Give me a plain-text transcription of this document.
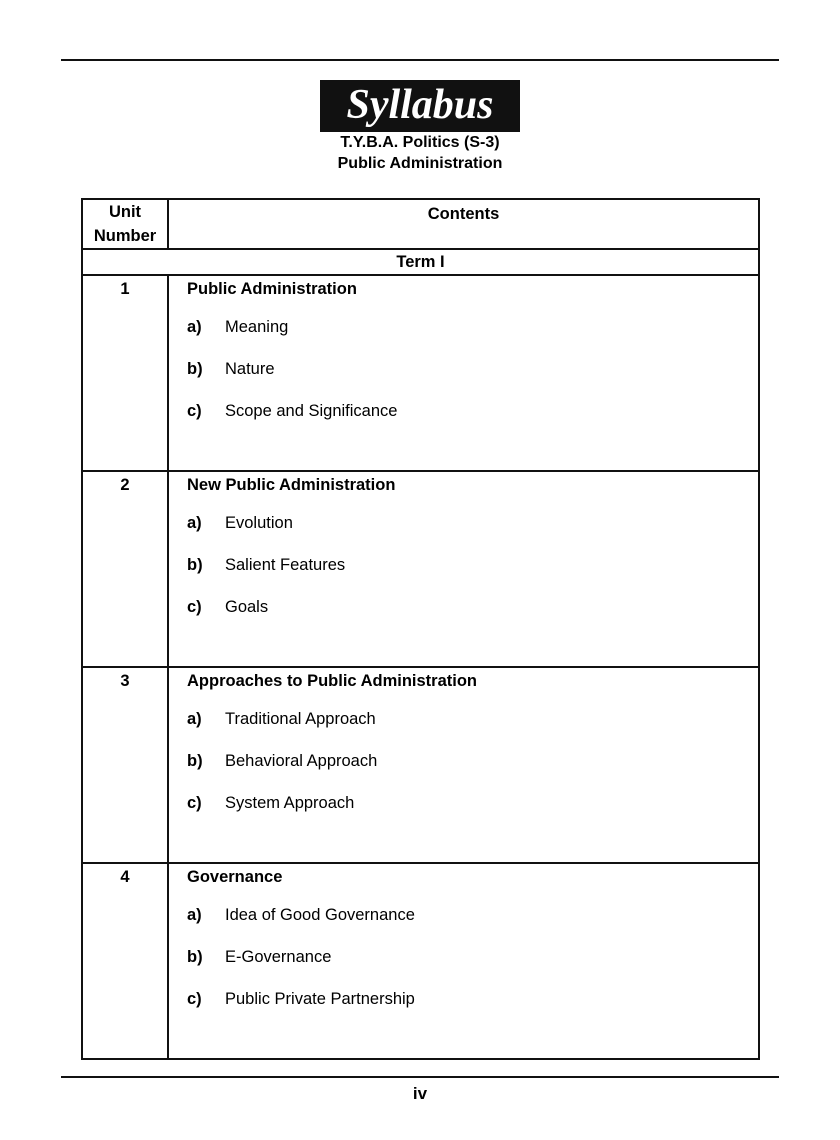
Syllabus
T.Y.B.A. Politics (S-3)
Public Administration
Unit Number	Contents
Term I	
1	Public Administration
a)	Meaning
b)	Nature
c)	Scope and Significance

2	New Public Administration
a)	Evolution
b)	Salient Features
c)	Goals

3	Approaches to Public Administration
a)	Traditional Approach
b)	Behavioral Approach
c)	System Approach

4	Governance
a)	Idea of Good Governance
b)	E-Governance
c)	Public Private Partnership
iv
